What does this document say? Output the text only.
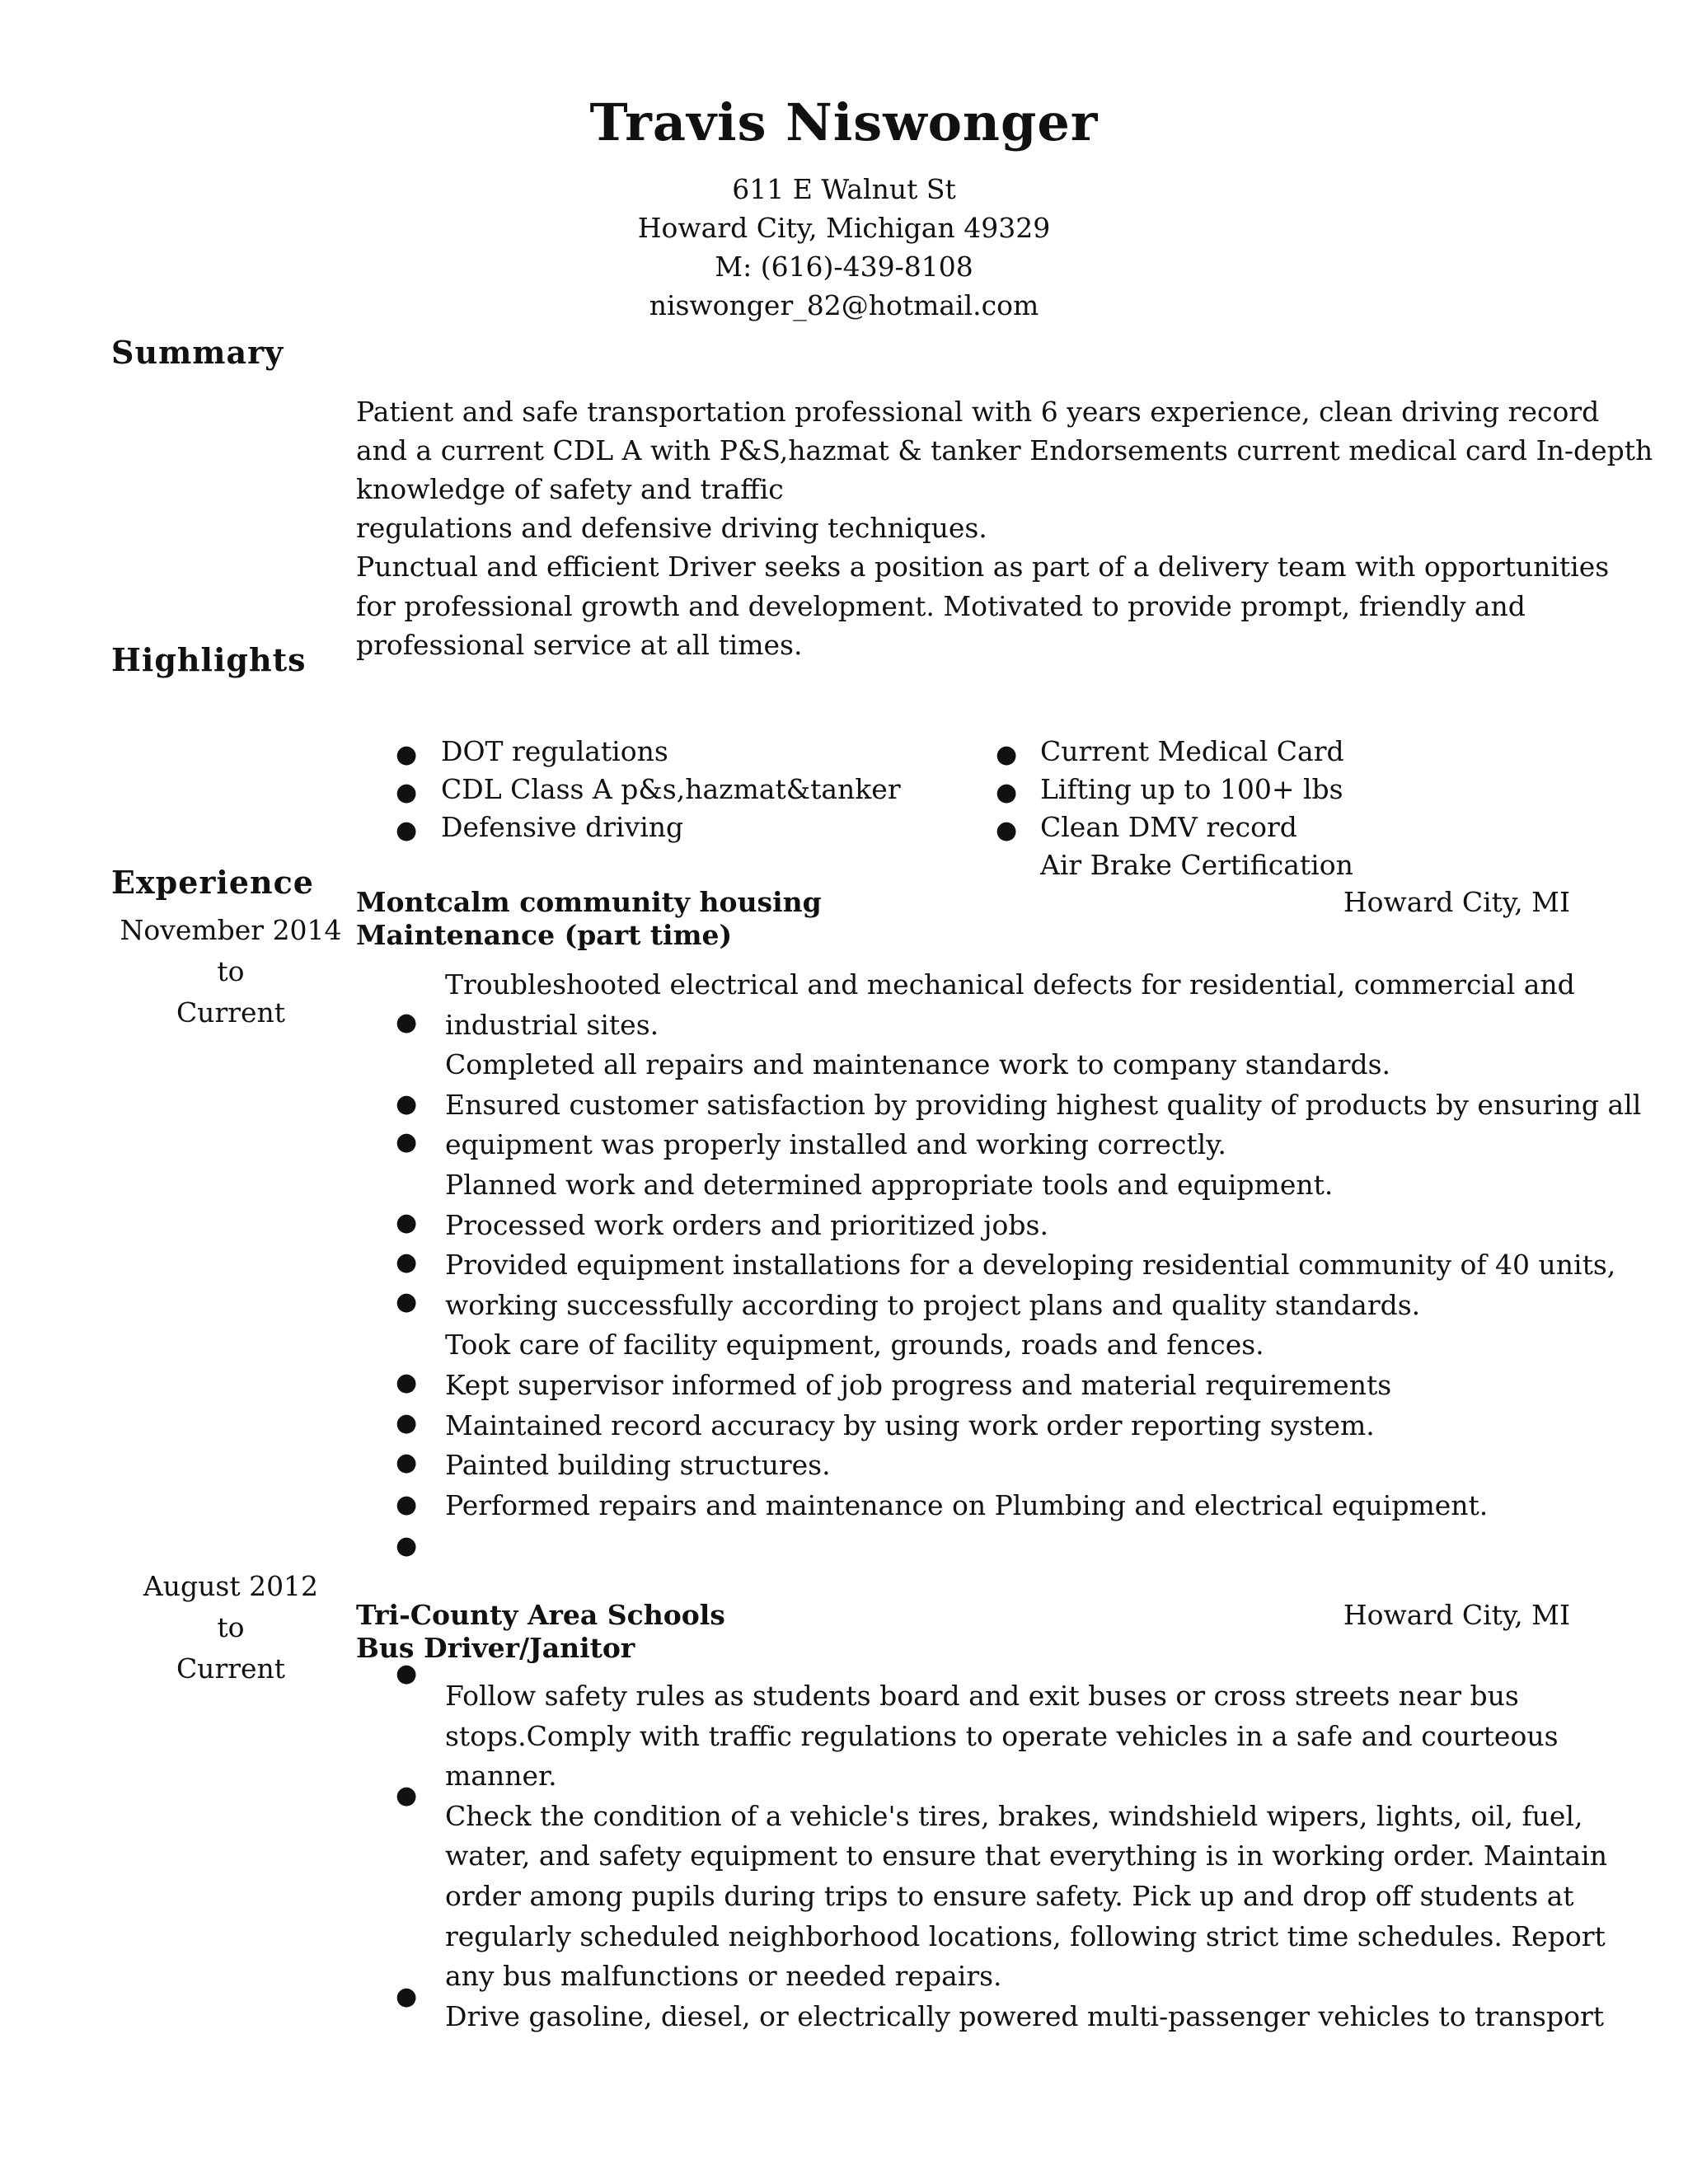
Travis Niswonger
611 E Walnut St
Howard City, Michigan 49329
M: (616)-439-8108
niswonger_82@hotmail.com
Summary
Highlights
Experience
Patient and safe transportation professional with 6 years experience, clean driving record
and a current CDL A with P&S,hazmat & tanker Endorsements current medical card In-depth
knowledge of safety and traffic
regulations and defensive driving techniques.
Punctual and efficient Driver seeks a position as part of a delivery team with opportunities
for professional growth and development. Motivated to provide prompt, friendly and
professional service at all times.
● DOT regulations
● CDL Class A p&s,hazmat&tanker
● Defensive driving
● Current Medical Card
● Lifting up to 100+ lbs
● Clean DMV record
Air Brake Certification
November 2014
to
Current
Montcalm community housing
Maintenance (part time)
Howard City, MI
Troubleshooted electrical and mechanical defects for residential, commercial and
industrial sites.
Completed all repairs and maintenance work to company standards.
Ensured customer satisfaction by providing highest quality of products by ensuring all
equipment was properly installed and working correctly.
Planned work and determined appropriate tools and equipment.
Processed work orders and prioritized jobs.
Provided equipment installations for a developing residential community of 40 units,
working successfully according to project plans and quality standards.
Took care of facility equipment, grounds, roads and fences.
Kept supervisor informed of job progress and material requirements
Maintained record accuracy by using work order reporting system.
Painted building structures.
Performed repairs and maintenance on Plumbing and electrical equipment.
●
●
●
●
●
●
●
●
●
●
●
August 2012
to
Current
Tri-County Area Schools
Bus Driver/Janitor
Howard City, MI
Follow safety rules as students board and exit buses or cross streets near bus
stops.Comply with traffic regulations to operate vehicles in a safe and courteous
manner.
Check the condition of a vehicle's tires, brakes, windshield wipers, lights, oil, fuel,
water, and safety equipment to ensure that everything is in working order. Maintain
order among pupils during trips to ensure safety. Pick up and drop off students at
regularly scheduled neighborhood locations, following strict time schedules. Report
any bus malfunctions or needed repairs.
Drive gasoline, diesel, or electrically powered multi-passenger vehicles to transport
●
●
●
